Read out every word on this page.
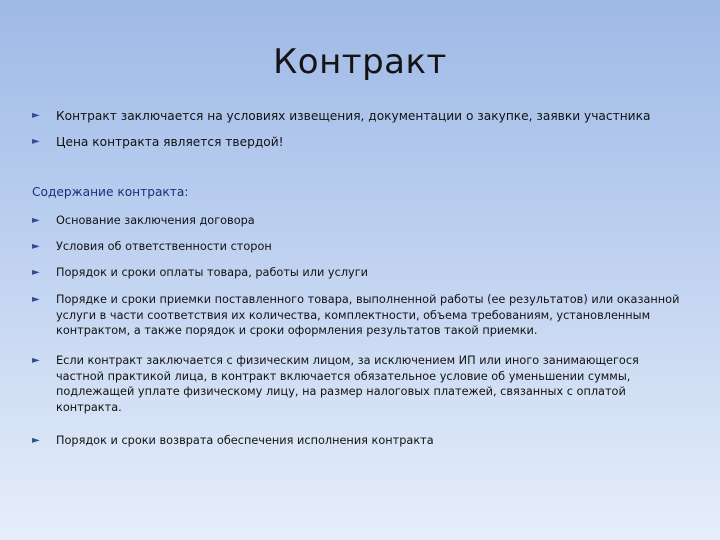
Контракт
►	Контракт заключается на условиях извещения, документации о закупке, заявки участника
►	Цена контракта является твердой!
Содержание контракта:
►	Основание заключения договора
►	Условия об ответственности сторон
►	Порядок и сроки оплаты товара, работы или услуги
►	Порядке и сроки приемки поставленного товара, выполненной работы (ее результатов) или оказанной услуги в части соответствия их количества, комплектности, объема требованиям, установленным контрактом, а также порядок и сроки оформления результатов такой приемки.
►	Если контракт заключается с физическим лицом, за исключением ИП или иного занимающегося частной практикой лица, в контракт включается обязательное условие об уменьшении суммы, подлежащей уплате физическому лицу, на размер налоговых платежей, связанных с оплатой контракта.
►	Порядок и сроки возврата обеспечения исполнения контракта
